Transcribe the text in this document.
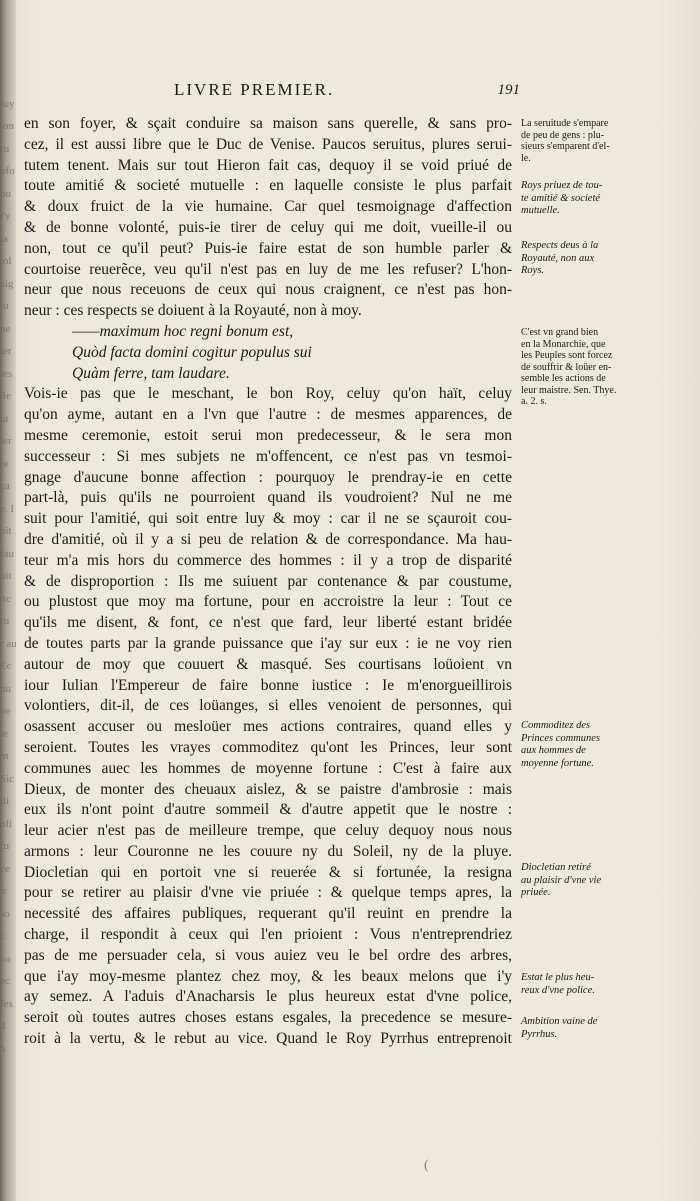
i
fuy
ion
ru
ofo
ou
i'y
la
tol
aig
iu
ne
ier
ies
ile
ut
ler
re
ca
e. I
oit
fau
oit
itc
ru
r au
Ec
nu
ne
ie
m
Sic
ili
nfi
fu
ce
ir
so
c
pa
ec
fes
d
b
LIVRE PREMIER.	191
en son foyer, & sçait conduire sa maison sans querelle, & sans pro-
cez, il est aussi libre que le Duc de Venise. Paucos seruitus, plures serui-
tutem tenent. Mais sur tout Hieron fait cas, dequoy il se void priué de
toute amitié & societé mutuelle : en laquelle consiste le plus parfait
& doux fruict de la vie humaine. Car quel tesmoignage d'affection
& de bonne volonté, puis-ie tirer de celuy qui me doit, vueille-il ou
non, tout ce qu'il peut? Puis-ie faire estat de son humble parler &
courtoise reuerẽce, veu qu'il n'est pas en luy de me les refuser? L'hon-
neur que nous receuons de ceux qui nous craignent, ce n'est pas hon-
neur : ces respects se doiuent à la Royauté, non à moy.
——maximum hoc regni bonum est,
Quòd facta domini cogitur populus sui
Quàm ferre, tam laudare.
Vois-ie pas que le meschant, le bon Roy, celuy qu'on haït, celuy
qu'on ayme, autant en a l'vn que l'autre : de mesmes apparences, de
mesme ceremonie, estoit serui mon predecesseur, & le sera mon
successeur : Si mes subjets ne m'offencent, ce n'est pas vn tesmoi-
gnage d'aucune bonne affection : pourquoy le prendray-ie en cette
part-là, puis qu'ils ne pourroient quand ils voudroient? Nul ne me
suit pour l'amitié, qui soit entre luy & moy : car il ne se sçauroit cou-
dre d'amitié, où il y a si peu de relation & de correspondance. Ma hau-
teur m'a mis hors du commerce des hommes : il y a trop de disparité
& de disproportion : Ils me suiuent par contenance & par coustume,
ou plustost que moy ma fortune, pour en accroistre la leur : Tout ce
qu'ils me disent, & font, ce n'est que fard, leur liberté estant bridée
de toutes parts par la grande puissance que i'ay sur eux : ie ne voy rien
autour de moy que couuert & masqué. Ses courtisans loüoient vn
iour Iulian l'Empereur de faire bonne iustice : Ie m'enorgueillirois
volontiers, dit-il, de ces loüanges, si elles venoient de personnes, qui
osassent accuser ou mesloüer mes actions contraires, quand elles y
seroient. Toutes les vrayes commoditez qu'ont les Princes, leur sont
communes auec les hommes de moyenne fortune : C'est à faire aux
Dieux, de monter des cheuaux aislez, & se paistre d'ambrosie : mais
eux ils n'ont point d'autre sommeil & d'autre appetit que le nostre :
leur acier n'est pas de meilleure trempe, que celuy dequoy nous nous
armons : leur Couronne ne les couure ny du Soleil, ny de la pluye.
Diocletian qui en portoit vne si reuerée & si fortunée, la resigna
pour se retirer au plaisir d'vne vie priuée : & quelque temps apres, la
necessité des affaires publiques, requerant qu'il reuint en prendre la
charge, il respondit à ceux qui l'en prioient : Vous n'entreprendriez
pas de me persuader cela, si vous auiez veu le bel ordre des arbres,
que i'ay moy-mesme plantez chez moy, & les beaux melons que i'y
ay semez. A l'aduis d'Anacharsis le plus heureux estat d'vne police,
seroit où toutes autres choses estans esgales, la precedence se mesure-
roit à la vertu, & le rebut au vice. Quand le Roy Pyrrhus entreprenoit
La seruitude s'empare
de peu de gens : plu-
sieurs s'emparent d'el-
le.
Roys priuez de tou-
te amitié & societé
mutuelle.
Respects deus à la
Royauté, non aux
Roys.
C'est vn grand bien
en la Monarchie, que
les Peuples sont forcez
de souffrir & loüer en-
semble les actions de
leur maistre. Sen. Thye.
a. 2. s.
Commoditez des
Princes communes
aux hommes de
moyenne fortune.
Diocletian retiré
au plaisir d'vne vie
priuée.
Estat le plus heu-
reux d'vne police.
Ambition vaine de
Pyrrhus.
(
